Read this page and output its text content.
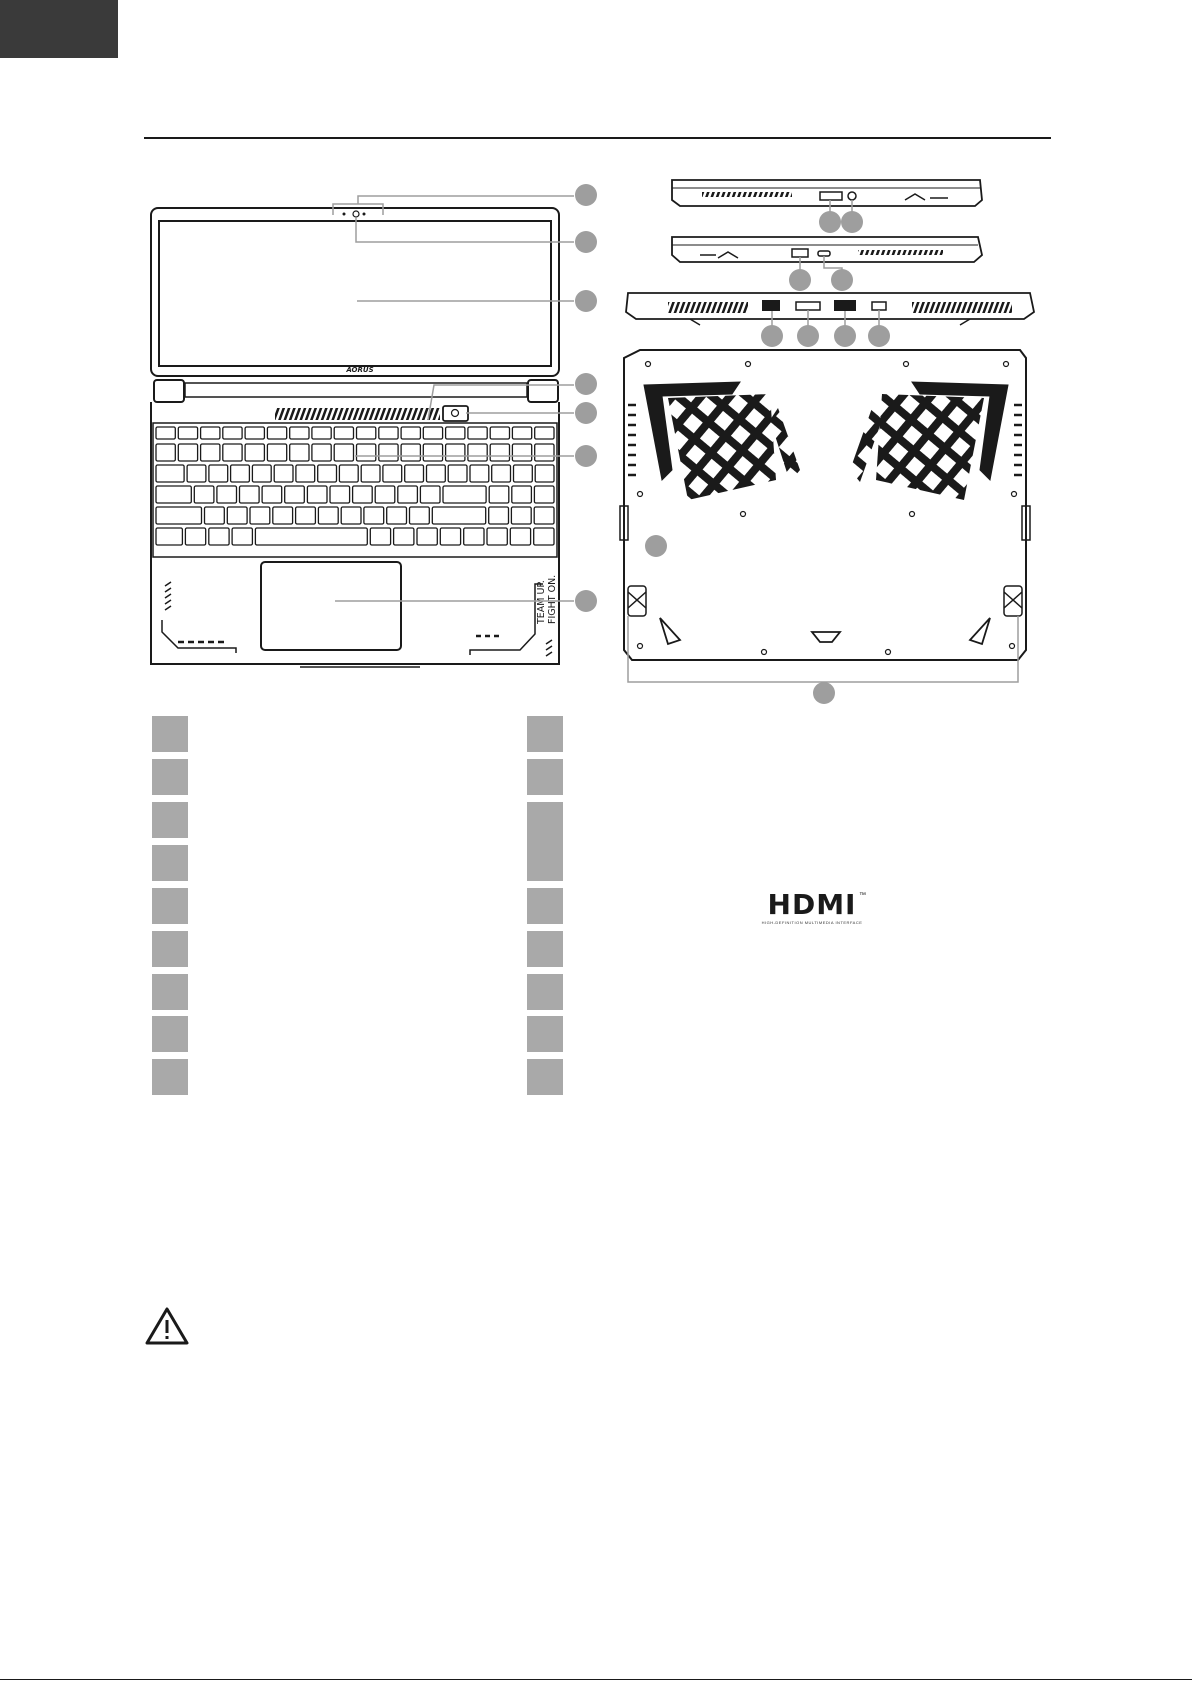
AORUS
TEAM UP. FIGHT ON.
HDMI ™
HIGH-DEFINITION MULTIMEDIA INTERFACE
